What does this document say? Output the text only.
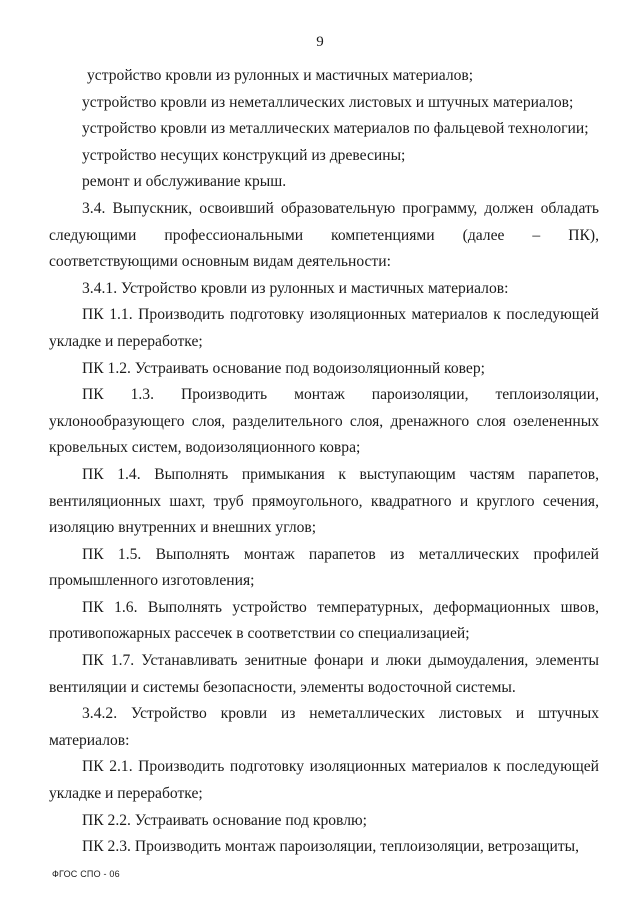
9

устройство кровли из рулонных и мастичных материалов;

устройство кровли из неметаллических листовых и штучных материалов;

устройство кровли из металлических материалов по фальцевой технологии;

устройство несущих конструкций из древесины;

ремонт и обслуживание крыш.

3.4. Выпускник, освоивший образовательную программу, должен обладать следующими профессиональными компетенциями (далее – ПК), соответствующими основным видам деятельности:

3.4.1. Устройство кровли из рулонных и мастичных материалов:

ПК 1.1. Производить подготовку изоляционных материалов к последующей укладке и переработке;

ПК 1.2. Устраивать основание под водоизоляционный ковер;

ПК 1.3. Производить монтаж пароизоляции, теплоизоляции, уклонообразующего слоя, разделительного слоя, дренажного слоя озелененных кровельных систем, водоизоляционного ковра;

ПК 1.4. Выполнять примыкания к выступающим частям парапетов, вентиляционных шахт, труб прямоугольного, квадратного и круглого сечения, изоляцию внутренних и внешних углов;

ПК 1.5. Выполнять монтаж парапетов из металлических профилей промышленного изготовления;

ПК 1.6. Выполнять устройство температурных, деформационных швов, противопожарных рассечек в соответствии со специализацией;

ПК 1.7. Устанавливать зенитные фонари и люки дымоудаления, элементы вентиляции и системы безопасности, элементы водосточной системы.

3.4.2. Устройство кровли из неметаллических листовых и штучных материалов:

ПК 2.1. Производить подготовку изоляционных материалов к последующей укладке и переработке;

ПК 2.2. Устраивать основание под кровлю;

ПК 2.3. Производить монтаж пароизоляции, теплоизоляции, ветрозащиты,

ФГОС СПО - 06
